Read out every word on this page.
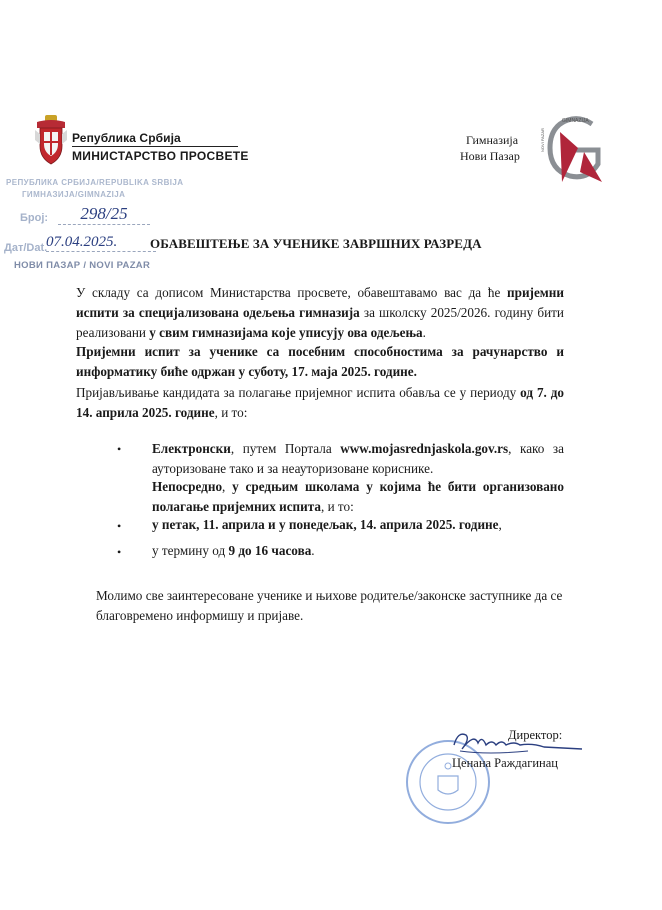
Република Србија
МИНИСТАРСТВО ПРОСВЕТЕ
Гимназија
Нови Пазар
GIMNAZIJA
NOVI PAZAR
РЕПУБЛИКА СРБИЈА/REPUBLIKA SRBIJA
ГИМНАЗИЈА/GIMNAZIJA
Број:	298/25
Дат/Dat.
07.04.2025.
НОВИ ПАЗАР / NOVI PAZAR
ОБАВЕШТЕЊЕ ЗА УЧЕНИКЕ ЗАВРШНИХ РАЗРЕДА
У складу са дописом Министарства просвете, обавештавамо вас да ће пријемни испити за специјализована одељења гимназија за школску 2025/2026. годину бити реализовани у свим гимназијама које уписују ова одељења.
Пријемни испит за ученике са посебним способностима за рачунарство и информатику биће одржан у суботу, 17. маја 2025. године.
Пријављивање кандидата за полагање пријемног испита обавља се у периоду од 7. до 14. априла 2025. године, и то:
• Електронски, путем Портала www.mojasrednjaskola.gov.rs, како за ауторизоване тако и за неауторизоване кориснике.
Непосредно, у средњим школама у којима ће бити организовано полагање пријемних испита, и то:
• у петак, 11. априла и у понедељак, 14. априла 2025. године,
• у термину од 9 до 16 часова.
Молимо све заинтересоване ученике и њихове родитеље/законске заступнике да се благовремено информишу и пријаве.
Директор:
Ценана Раждагинац
